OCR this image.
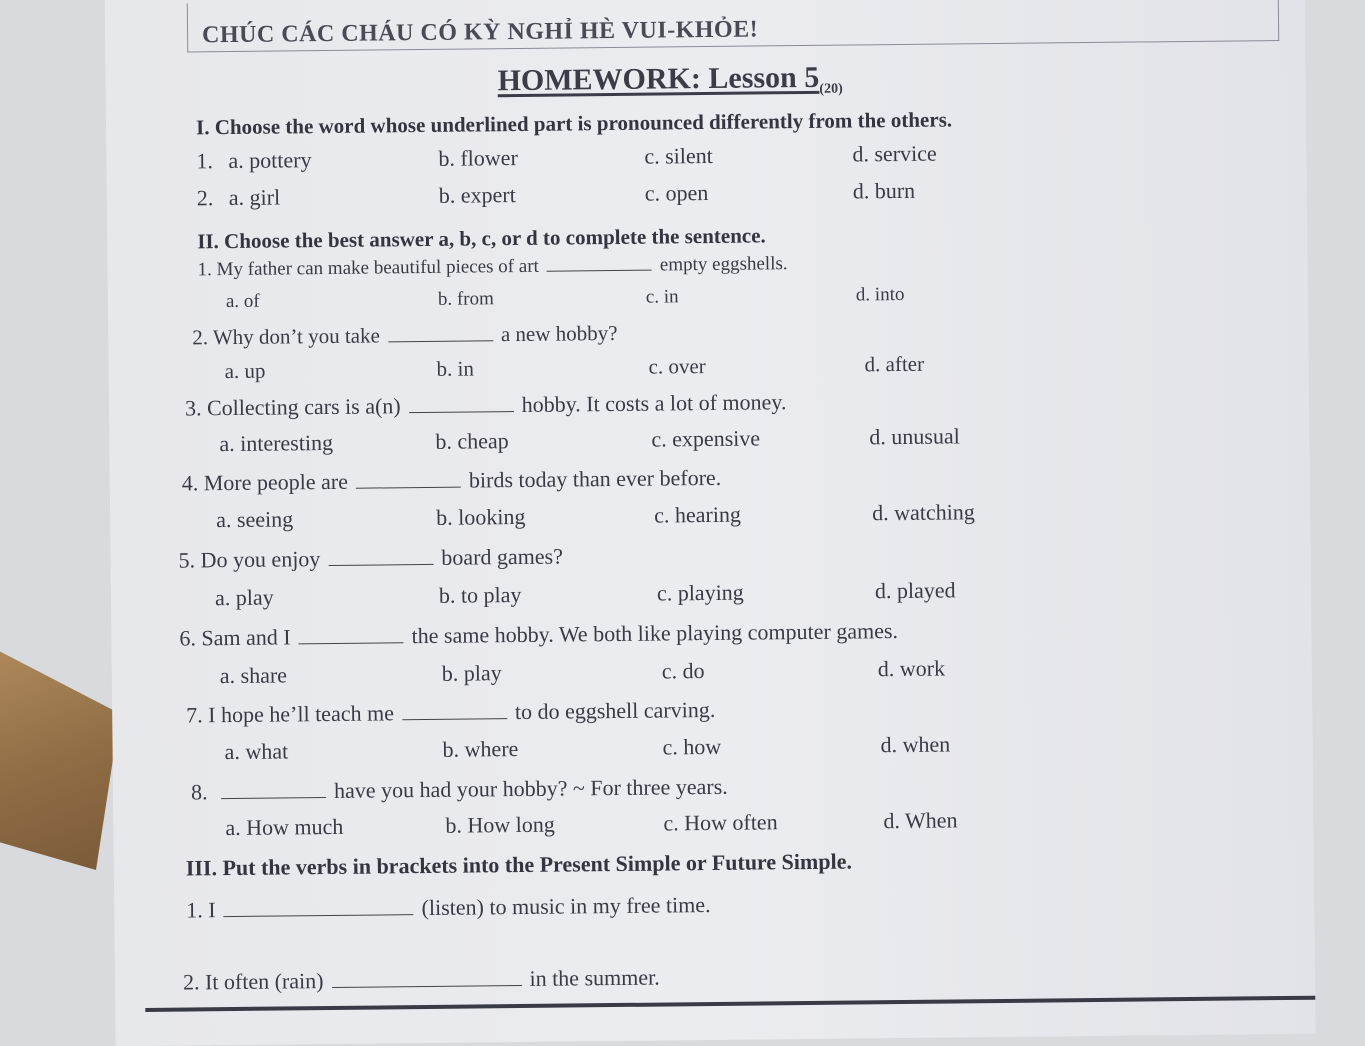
CHÚC CÁC CHÁU CÓ KỲ NGHỈ HÈ VUI-KHỎE!
HOMEWORK: Lesson 5(20)
I. Choose the word whose underlined part is pronounced differently from the others.
1. a. pottery	b. flower	c. silent	d. service
2. a. girl	b. expert	c. open	d. burn
II. Choose the best answer a, b, c, or d to complete the sentence.
1. My father can make beautiful pieces of art	empty eggshells.
a. of	b. from	c. in	d. into
2. Why don’t you take	a new hobby?
a. up	b. in	c. over	d. after
3. Collecting cars is a(n)	hobby. It costs a lot of money.
a. interesting	b. cheap	c. expensive	d. unusual
4. More people are	birds today than ever before.
a. seeing	b. looking	c. hearing	d. watching
5. Do you enjoy	board games?
a. play	b. to play	c. playing	d. played
6. Sam and I	the same hobby. We both like playing computer games.
a. share	b. play	c. do	d. work
7. I hope he’ll teach me	to do eggshell carving.
a. what	b. where	c. how	d. when
8.	have you had your hobby? ~ For three years.
a. How much	b. How long	c. How often	d. When
III. Put the verbs in brackets into the Present Simple or Future Simple.
1. I	(listen) to music in my free time.
2. It often (rain)	in the summer.
